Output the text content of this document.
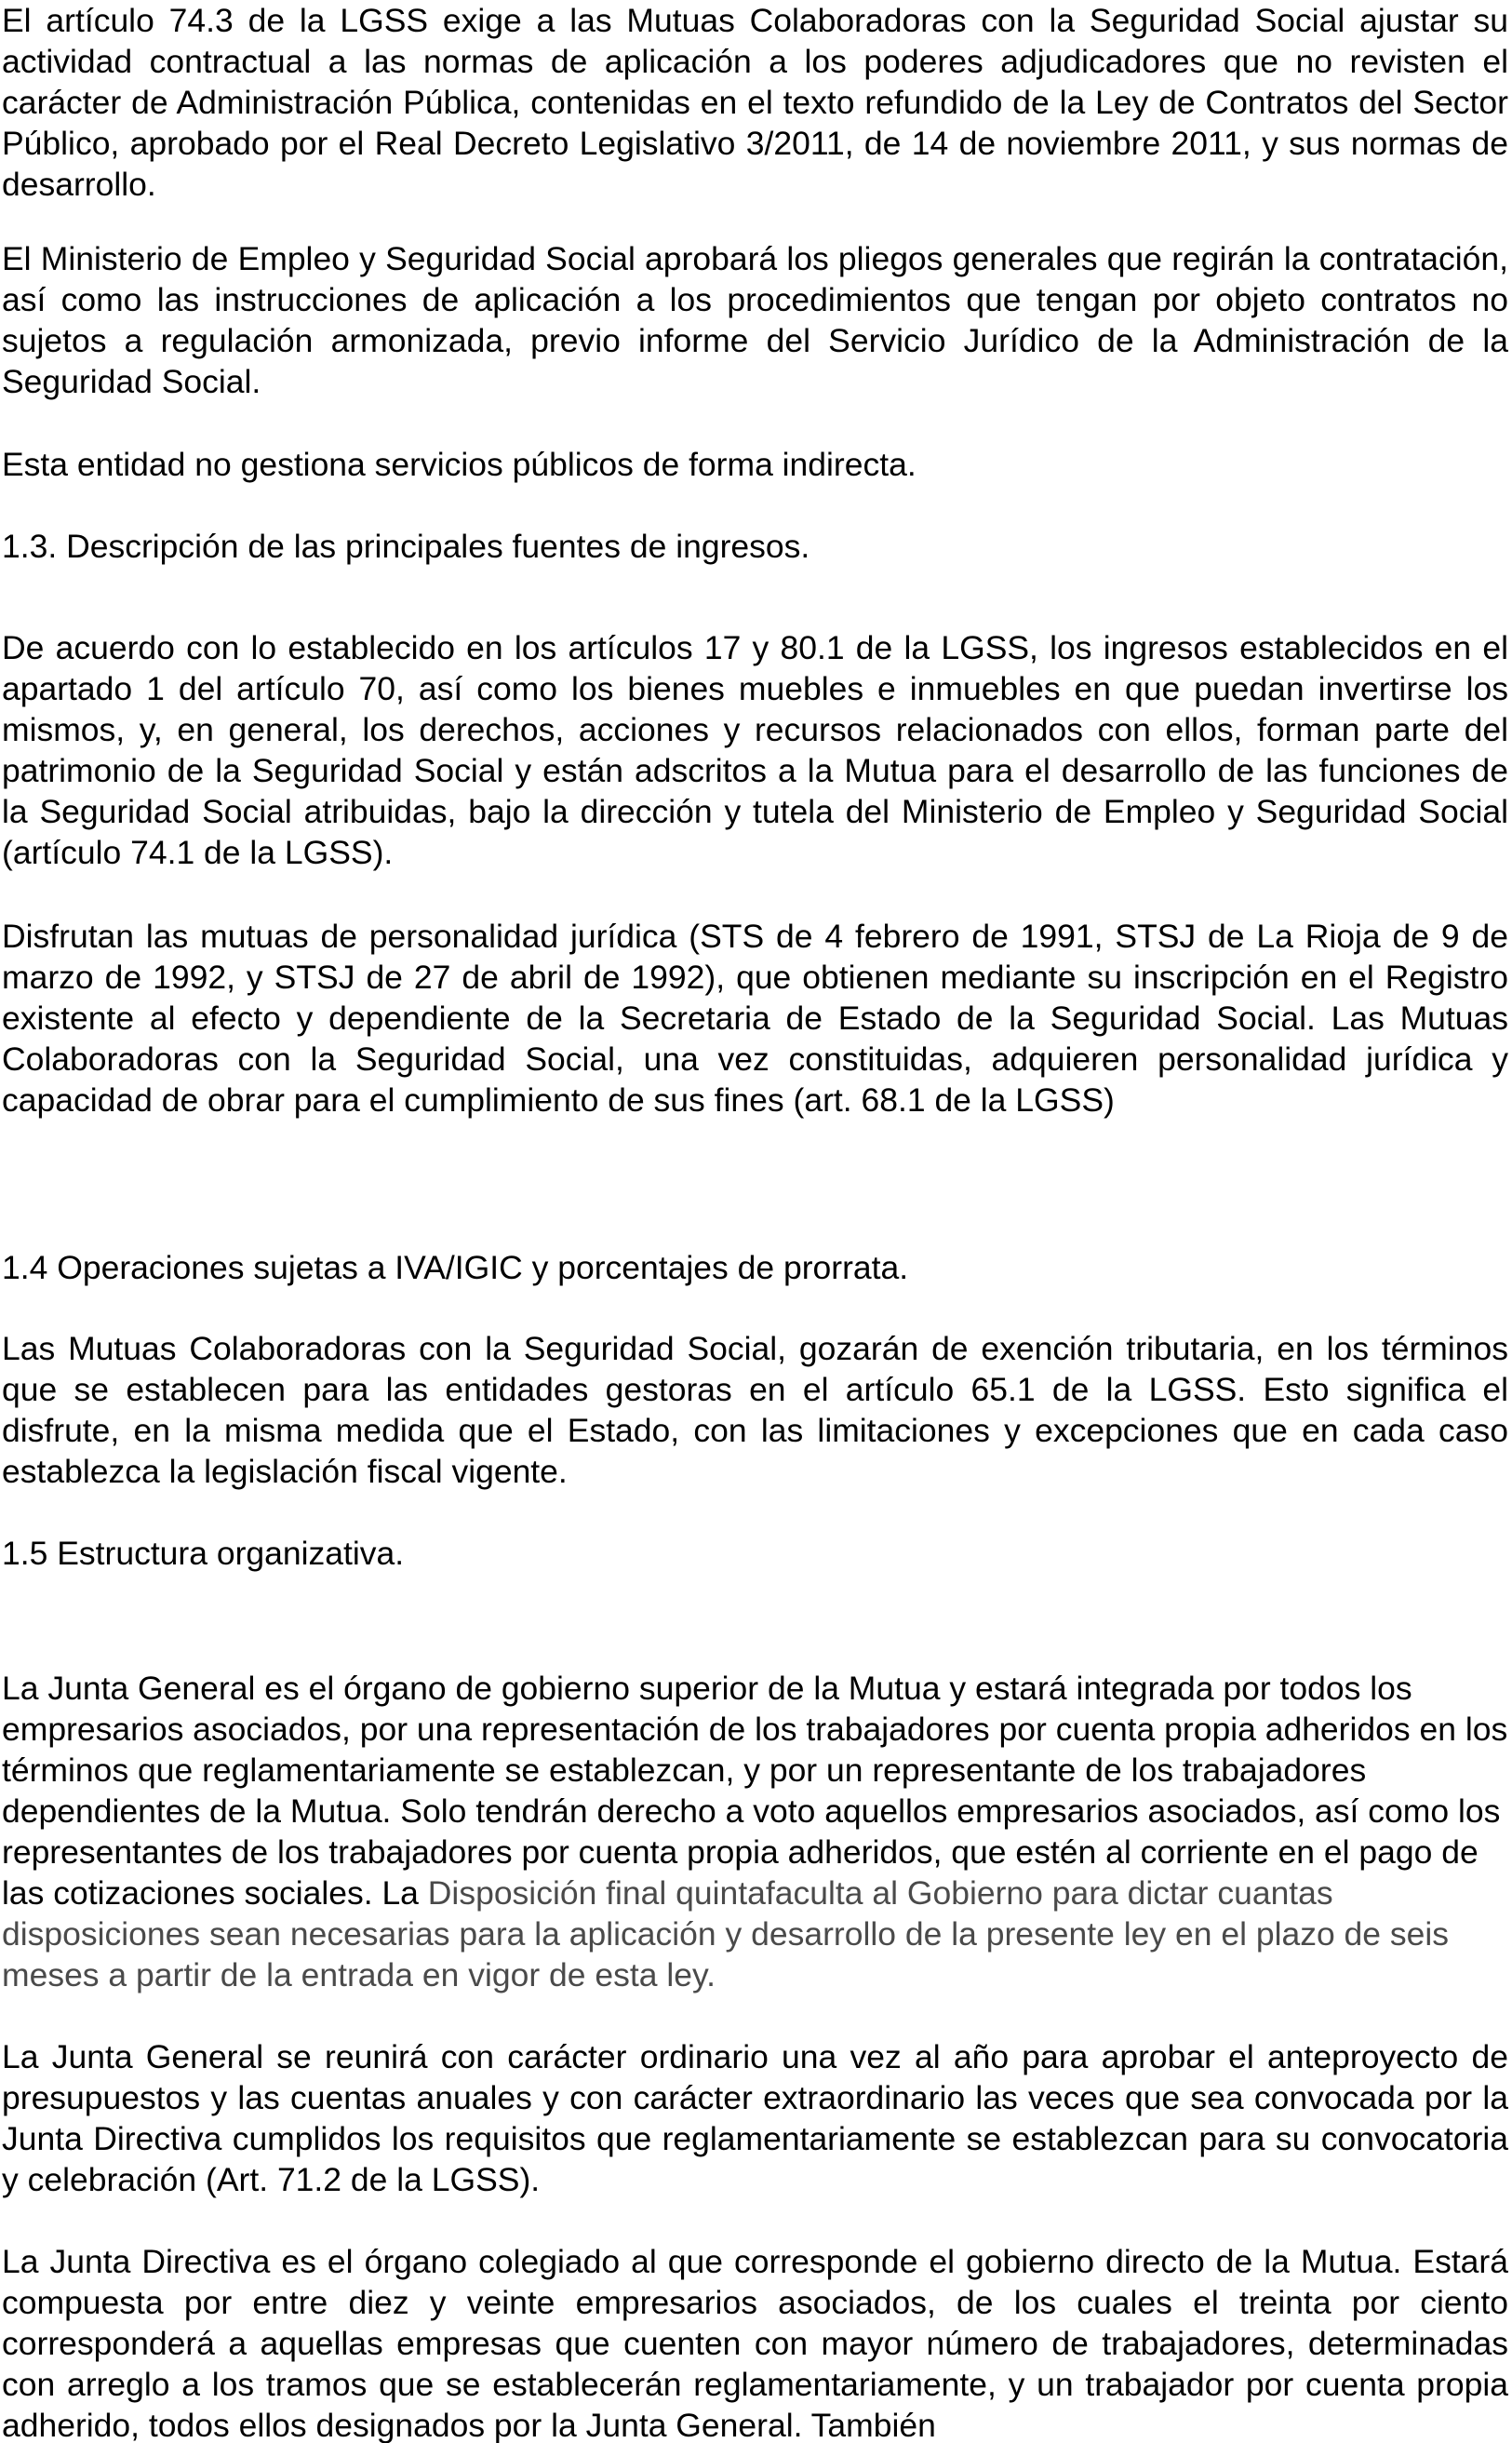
El artículo 74.3 de la LGSS exige a las Mutuas Colaboradoras con la Seguridad Social ajustar su actividad contractual a las normas de aplicación a los poderes adjudicadores que no revisten el carácter de Administración Pública, contenidas en el texto refundido de la Ley de Contratos del Sector Público, aprobado por el Real Decreto Legislativo 3/2011, de 14 de noviembre 2011, y sus normas de desarrollo.

El Ministerio de Empleo y Seguridad Social aprobará los pliegos generales que regirán la contratación, así como las instrucciones de aplicación a los procedimientos que tengan por objeto contratos no sujetos a regulación armonizada, previo informe del Servicio Jurídico de la Administración de la Seguridad Social.

Esta entidad no gestiona servicios públicos de forma indirecta.

1.3. Descripción de las principales fuentes de ingresos.

De acuerdo con lo establecido en los artículos 17 y 80.1 de la LGSS, los ingresos establecidos en el apartado 1 del artículo 70, así como los bienes muebles e inmuebles en que puedan invertirse los mismos, y, en general, los derechos, acciones y recursos relacionados con ellos, forman parte del patrimonio de la Seguridad Social y están adscritos a la Mutua para el desarrollo de las funciones de la Seguridad Social atribuidas, bajo la dirección y tutela del Ministerio de Empleo y Seguridad Social (artículo 74.1 de la LGSS).

Disfrutan las mutuas de personalidad jurídica (STS de 4 febrero de 1991, STSJ de La Rioja de 9 de marzo de 1992, y STSJ de 27 de abril de 1992), que obtienen mediante su inscripción en el Registro existente al efecto y dependiente de la Secretaria de Estado de la Seguridad Social. Las Mutuas Colaboradoras con la Seguridad Social, una vez constituidas, adquieren personalidad jurídica y capacidad de obrar para el cumplimiento de sus fines (art. 68.1 de la LGSS)

1.4 Operaciones sujetas a IVA/IGIC y porcentajes de prorrata.

Las Mutuas Colaboradoras con la Seguridad Social, gozarán de exención tributaria, en los términos que se establecen para las entidades gestoras en el artículo 65.1 de la LGSS. Esto significa el disfrute, en la misma medida que el Estado, con las limitaciones y excepciones que en cada caso establezca la legislación fiscal vigente.

1.5 Estructura organizativa.

La Junta General es el órgano de gobierno superior de la Mutua y estará integrada por todos los empresarios asociados, por una representación de los trabajadores por cuenta propia adheridos en los términos que reglamentariamente se establezcan, y por un representante de los trabajadores dependientes de la Mutua. Solo tendrán derecho a voto aquellos empresarios asociados, así como los representantes de los trabajadores por cuenta propia adheridos, que estén al corriente en el pago de las cotizaciones sociales. La Disposición final quintafaculta al Gobierno para dictar cuantas disposiciones sean necesarias para la aplicación y desarrollo de la presente ley en el plazo de seis meses a partir de la entrada en vigor de esta ley.

La Junta General se reunirá con carácter ordinario una vez al año para aprobar el anteproyecto de presupuestos y las cuentas anuales y con carácter extraordinario las veces que sea convocada por la Junta Directiva cumplidos los requisitos que reglamentariamente se establezcan para su convocatoria y celebración (Art. 71.2 de la LGSS).

La Junta Directiva es el órgano colegiado al que corresponde el gobierno directo de la Mutua. Estará compuesta por entre diez y veinte empresarios asociados, de los cuales el treinta por ciento corresponderá a aquellas empresas que cuenten con mayor número de trabajadores, determinadas con arreglo a los tramos que se establecerán reglamentariamente, y un trabajador por cuenta propia adherido, todos ellos designados por la Junta General. También
